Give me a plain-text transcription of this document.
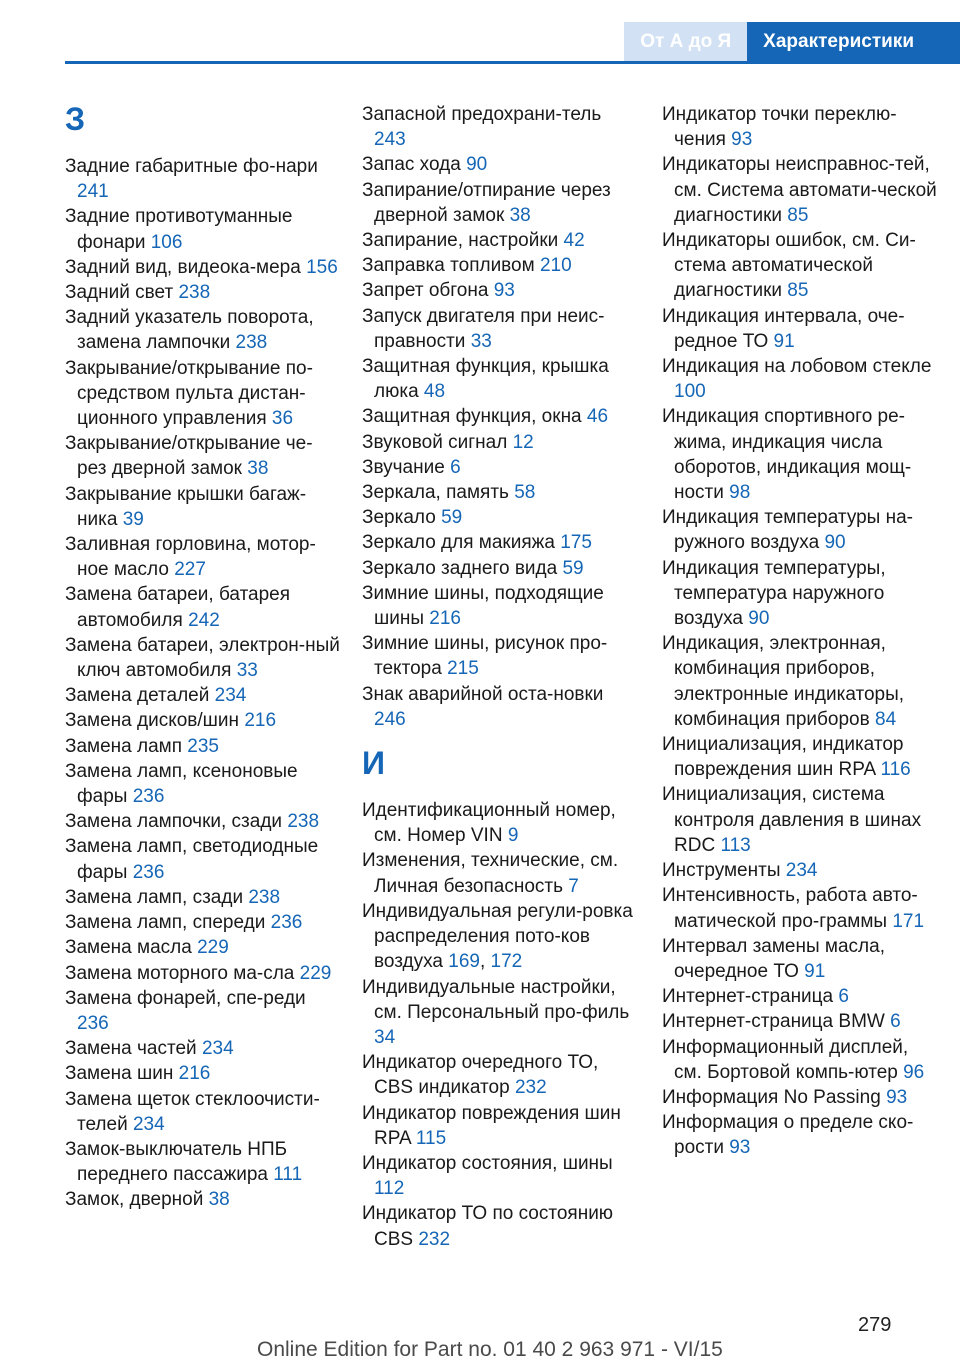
От А до Я	Характеристики
З
Задние габаритные фо-нари 241
Задние противотуманные фонари 106
Задний вид, видеока-мера 156
Задний свет 238
Задний указатель поворота, замена лампочки 238
Закрывание/открывание по-средством пульта дистан-ционного управления 36
Закрывание/открывание че-рез дверной замок 38
Закрывание крышки багаж-ника 39
Заливная горловина, мотор-ное масло 227
Замена батареи, батарея автомобиля 242
Замена батареи, электрон-ный ключ автомобиля 33
Замена деталей 234
Замена дисков/шин 216
Замена ламп 235
Замена ламп, ксеноновые фары 236
Замена лампочки, сзади 238
Замена ламп, светодиодные фары 236
Замена ламп, сзади 238
Замена ламп, спереди 236
Замена масла 229
Замена моторного ма-сла 229
Замена фонарей, спе-реди 236
Замена частей 234
Замена шин 216
Замена щеток стеклоочисти-телей 234
Замок-выключатель НПБ переднего пассажира 111
Замок, дверной 38
Запасной предохрани-тель 243
Запас хода 90
Запирание/отпирание через дверной замок 38
Запирание, настройки 42
Заправка топливом 210
Запрет обгона 93
Запуск двигателя при неис-правности 33
Защитная функция, крышка люка 48
Защитная функция, окна 46
Звуковой сигнал 12
Звучание 6
Зеркала, память 58
Зеркало 59
Зеркало для макияжа 175
Зеркало заднего вида 59
Зимние шины, подходящие шины 216
Зимние шины, рисунок про-тектора 215
Знак аварийной оста-новки 246
И
Идентификационный номер, см. Номер VIN 9
Изменения, технические, см. Личная безопасность 7
Индивидуальная регули-ровка распределения пото-ков воздуха 169, 172
Индивидуальные настройки, см. Персональный про-филь 34
Индикатор очередного ТО, CBS индикатор 232
Индикатор повреждения шин RPA 115
Индикатор состояния, шины 112
Индикатор ТО по состоянию CBS 232
Индикатор точки переклю-чения 93
Индикаторы неисправнос-тей, см. Система автомати-ческой диагностики 85
Индикаторы ошибок, см. Си-стема автоматической диагностики 85
Индикация интервала, оче-редное ТО 91
Индикация на лобовом стекле 100
Индикация спортивного ре-жима, индикация числа оборотов, индикация мощ-ности 98
Индикация температуры на-ружного воздуха 90
Индикация температуры, температура наружного воздуха 90
Индикация, электронная, комбинация приборов, электронные индикаторы, комбинация приборов 84
Инициализация, индикатор повреждения шин RPA 116
Инициализация, система контроля давления в шинах RDC 113
Инструменты 234
Интенсивность, работа авто-матической про-граммы 171
Интервал замены масла, очередное ТО 91
Интернет-страница 6
Интернет-страница BMW 6
Информационный дисплей, см. Бортовой компь-ютер 96
Информация No Passing 93
Информация о пределе ско-рости 93
279
Online Edition for Part no. 01 40 2 963 971 - VI/15
